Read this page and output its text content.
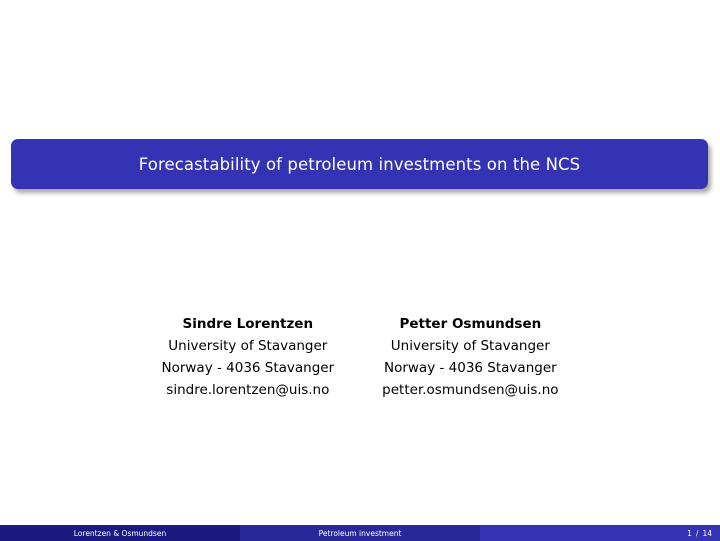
Forecastability of petroleum investments on the NCS
Sindre Lorentzen
University of Stavanger
Norway - 4036 Stavanger
sindre.lorentzen@uis.no
Petter Osmundsen
University of Stavanger
Norway - 4036 Stavanger
petter.osmundsen@uis.no
Lorentzen & Osmundsen	Petroleum investment	1 / 14
